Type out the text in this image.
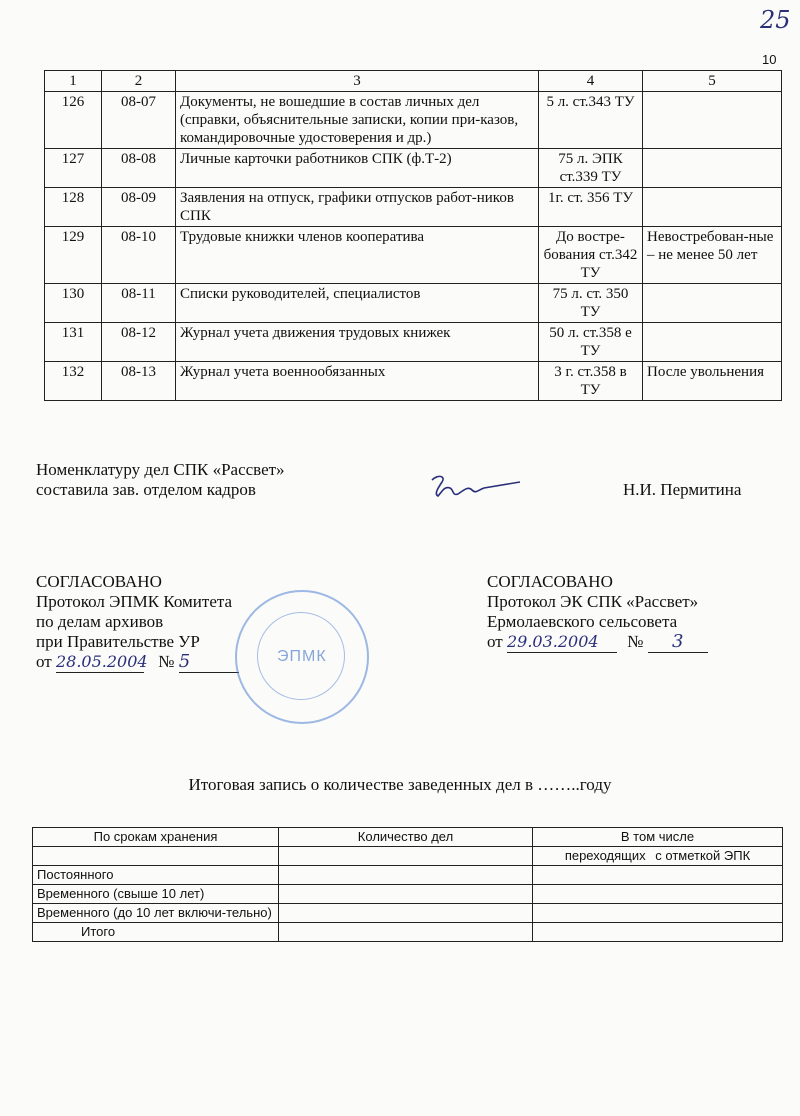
25
10
1	2	3	4	5
126	08-07	Документы, не вошедшие в состав личных дел (справки, объяснительные записки, копии при-казов, командировочные удостоверения и др.)	5 л. ст.343 ТУ	
127	08-08	Личные карточки работников СПК (ф.Т-2)	75 л. ЭПК ст.339 ТУ	
128	08-09	Заявления на отпуск, графики отпусков работ-ников СПК	1г. ст. 356 ТУ	
129	08-10	Трудовые книжки членов кооператива	До востре-бования ст.342 ТУ	Невостребован-ные – не менее 50 лет
130	08-11	Списки руководителей, специалистов	75 л. ст. 350 ТУ	
131	08-12	Журнал учета движения трудовых книжек	50 л. ст.358 е ТУ	
132	08-13	Журнал учета военнообязанных	3 г. ст.358 в ТУ	После увольнения
Номенклатуру дел СПК «Рассвет»
составила зав. отделом кадров	Н.И. Пермитина
СОГЛАСОВАНО
Протокол ЭПМК Комитета
по делам архивов
при Правительстве УР
от 28.05.2004 № 5	ЭПМК
СОГЛАСОВАНО
Протокол ЭК СПК «Рассвет»
Ермолаевского сельсовета
от 29.03.2004 № 3
Итоговая запись о количестве заведенных дел в ……..году
По срокам хранения	Количество дел	В том числе
		переходящих с отметкой ЭПК
Постоянного		
Временного (свыше 10 лет)		
Временного (до 10 лет включи-тельно)		
Итого		
